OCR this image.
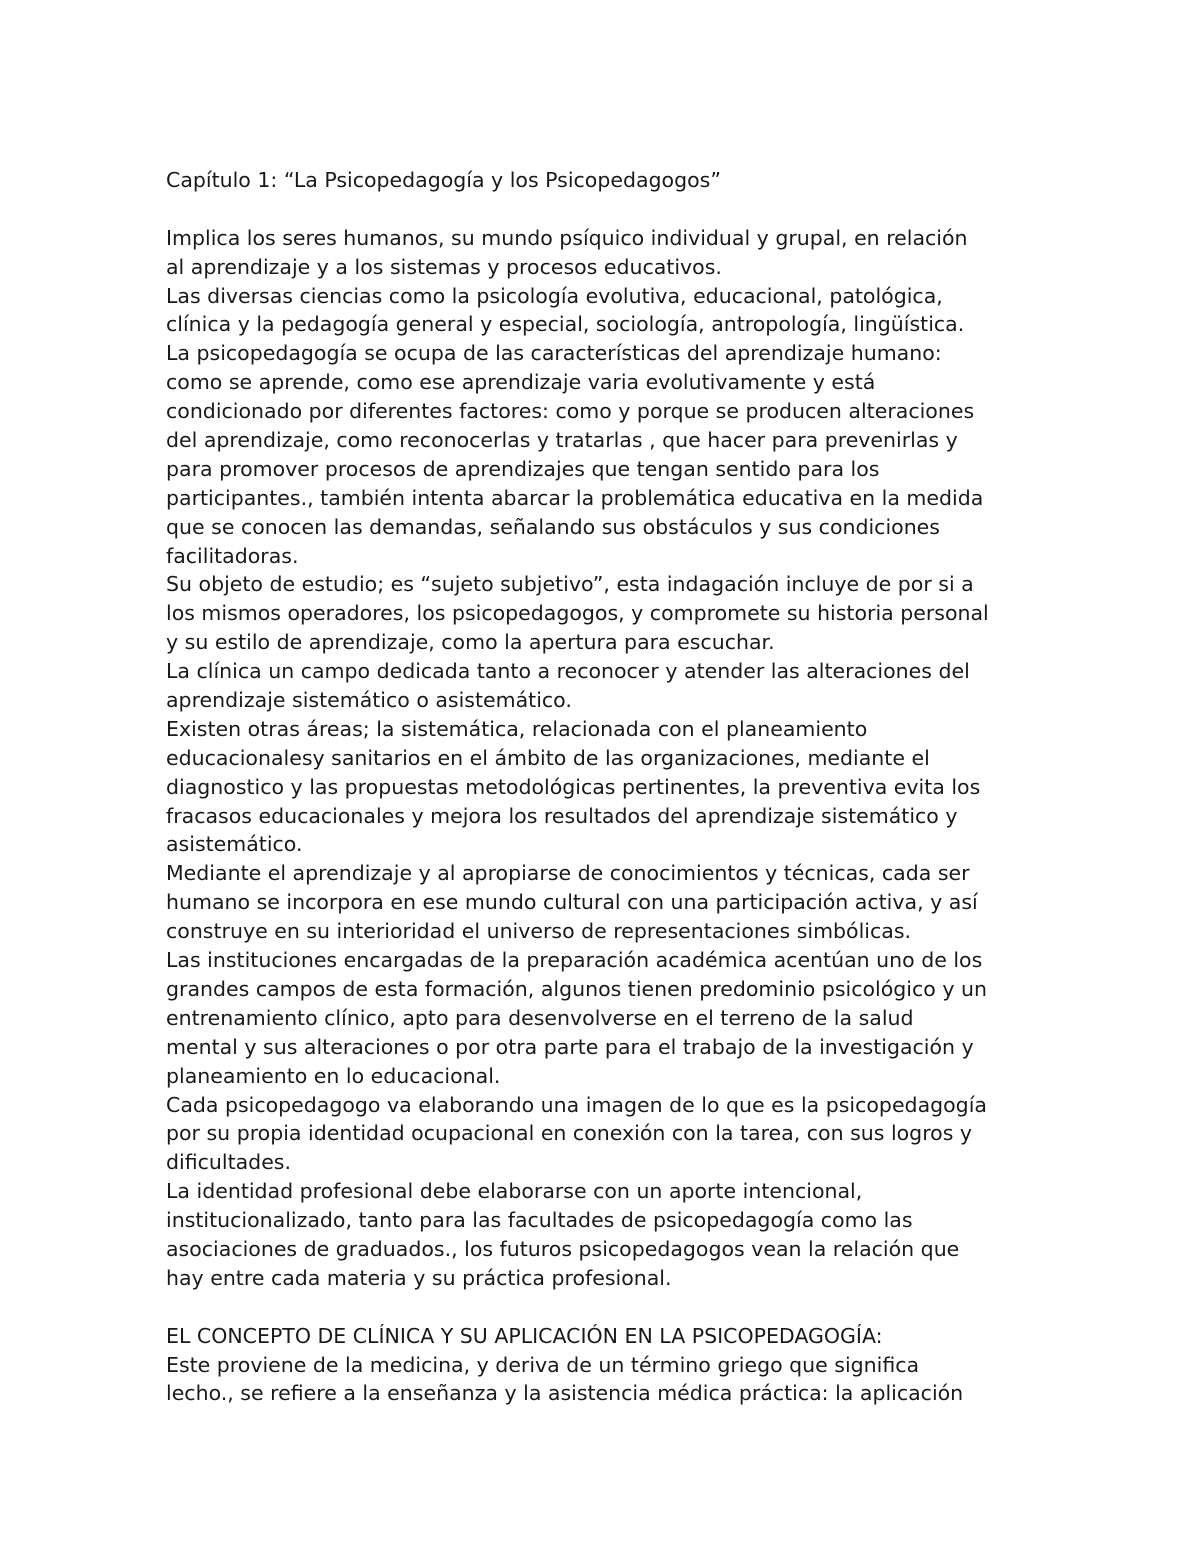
Capítulo 1: “La Psicopedagogía y los Psicopedagogos”
Implica los seres humanos, su mundo psíquico individual y grupal, en relación
al aprendizaje y a los sistemas y procesos educativos.
Las diversas ciencias como la psicología evolutiva, educacional, patológica,
clínica y la pedagogía general y especial, sociología, antropología, lingüística.
La psicopedagogía se ocupa de las características del aprendizaje humano:
como se aprende, como ese aprendizaje varia evolutivamente y está
condicionado por diferentes factores: como y porque se producen alteraciones
del aprendizaje, como reconocerlas y tratarlas , que hacer para prevenirlas y
para promover procesos de aprendizajes que tengan sentido para los
participantes., también intenta abarcar la problemática educativa en la medida
que se conocen las demandas, señalando sus obstáculos y sus condiciones
facilitadoras.
Su objeto de estudio; es “sujeto subjetivo”, esta indagación incluye de por si a
los mismos operadores, los psicopedagogos, y compromete su historia personal
y su estilo de aprendizaje, como la apertura para escuchar.
La clínica un campo dedicada tanto a reconocer y atender las alteraciones del
aprendizaje sistemático o asistemático.
Existen otras áreas; la sistemática, relacionada con el planeamiento
educacionalesy sanitarios en el ámbito de las organizaciones, mediante el
diagnostico y las propuestas metodológicas pertinentes, la preventiva evita los
fracasos educacionales y mejora los resultados del aprendizaje sistemático y
asistemático.
Mediante el aprendizaje y al apropiarse de conocimientos y técnicas, cada ser
humano se incorpora en ese mundo cultural con una participación activa, y así
construye en su interioridad el universo de representaciones simbólicas.
Las instituciones encargadas de la preparación académica acentúan uno de los
grandes campos de esta formación, algunos tienen predominio psicológico y un
entrenamiento clínico, apto para desenvolverse en el terreno de la salud
mental y sus alteraciones o por otra parte para el trabajo de la investigación y
planeamiento en lo educacional.
Cada psicopedagogo va elaborando una imagen de lo que es la psicopedagogía
por su propia identidad ocupacional en conexión con la tarea, con sus logros y
dificultades.
La identidad profesional debe elaborarse con un aporte intencional,
institucionalizado, tanto para las facultades de psicopedagogía como las
asociaciones de graduados., los futuros psicopedagogos vean la relación que
hay entre cada materia y su práctica profesional.
EL CONCEPTO DE CLÍNICA Y SU APLICACIÓN EN LA PSICOPEDAGOGÍA:
Este proviene de la medicina, y deriva de un término griego que significa
lecho., se refiere a la enseñanza y la asistencia médica práctica: la aplicación
